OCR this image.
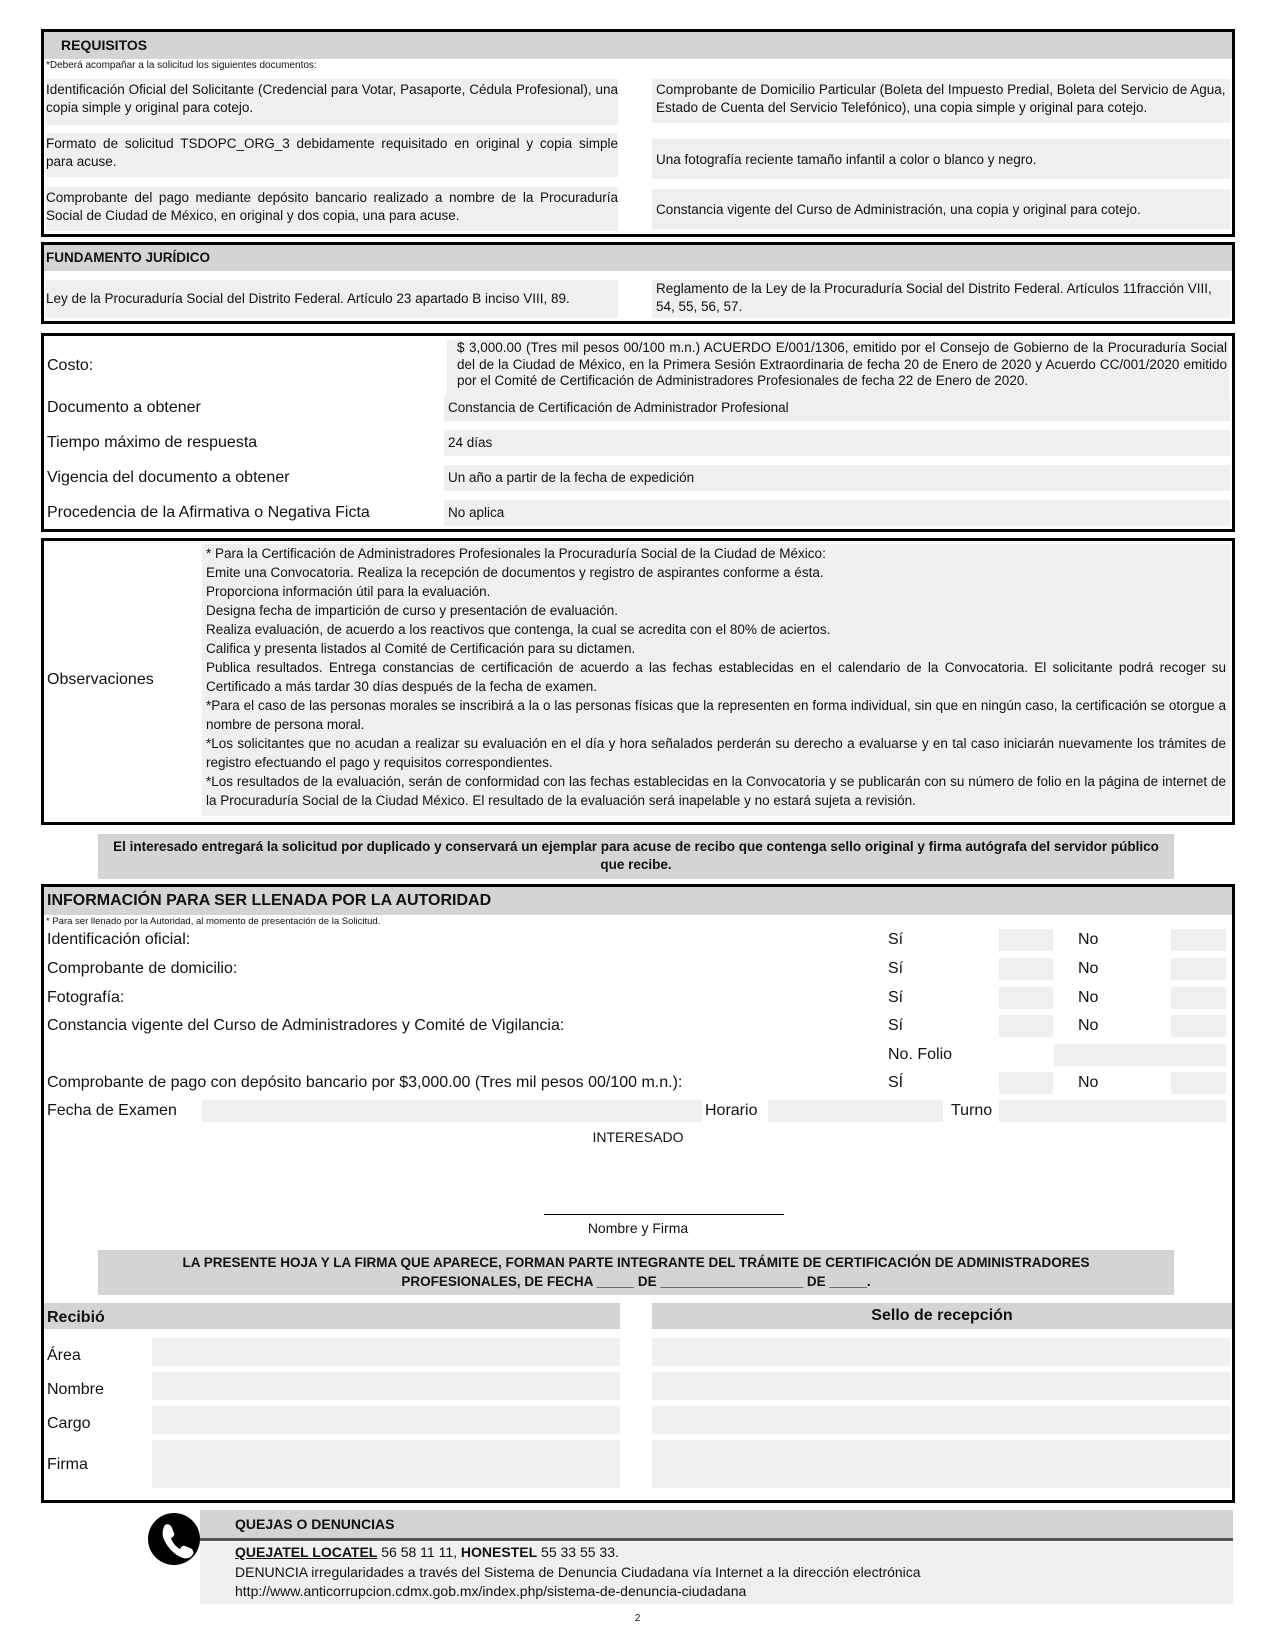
REQUISITOS
*Deberá acompañar a la solicitud los siguientes documentos:
Identificación Oficial del Solicitante (Credencial para Votar, Pasaporte, Cédula Profesional), una copia simple y original para cotejo.
Formato de solicitud TSDOPC_ORG_3 debidamente requisitado en original y copia simple para acuse.
Comprobante del pago mediante depósito bancario realizado a nombre de la Procuraduría Social de Ciudad de México, en original y dos copia, una para acuse.
Comprobante de Domicilio Particular (Boleta del Impuesto Predial, Boleta del Servicio de Agua, Estado de Cuenta del Servicio Telefónico), una copia simple y original para cotejo.
Una fotografía reciente tamaño infantil a color o blanco y negro.
Constancia vigente del Curso de Administración, una copia y original para cotejo.
FUNDAMENTO JURÍDICO
Ley de la Procuraduría Social del Distrito Federal. Artículo 23 apartado B inciso VIII, 89.
Reglamento de la Ley de la Procuraduría Social del Distrito Federal. Artículos 11fracción VIII, 54, 55, 56, 57.
Costo:
$ 3,000.00 (Tres mil pesos 00/100 m.n.) ACUERDO E/001/1306, emitido por el Consejo de Gobierno de la Procuraduría Social del de la Ciudad de México, en la Primera Sesión Extraordinaria de fecha 20 de Enero de 2020 y Acuerdo CC/001/2020 emitido por el Comité de Certificación de Administradores Profesionales de fecha 22 de Enero de 2020.
Documento a obtener	Constancia de Certificación de Administrador Profesional
Tiempo máximo de respuesta	24 días
Vigencia del documento a obtener	Un año a partir de la fecha de expedición
Procedencia de la Afirmativa o Negativa Ficta	No aplica
Observaciones
* Para la Certificación de Administradores Profesionales la Procuraduría Social de la Ciudad de México:
Emite una Convocatoria. Realiza la recepción de documentos y registro de aspirantes conforme a ésta.
Proporciona información útil para la evaluación.
Designa fecha de impartición de curso y presentación de evaluación.
Realiza evaluación, de acuerdo a los reactivos que contenga, la cual se acredita con el 80% de aciertos.
Califica y presenta listados al Comité de Certificación para su dictamen.
Publica resultados. Entrega constancias de certificación de acuerdo a las fechas establecidas en el calendario de la Convocatoria. El solicitante podrá recoger su Certificado a más tardar 30 días después de la fecha de examen.
*Para el caso de las personas morales se inscribirá a la o las personas físicas que la representen en forma individual, sin que en ningún caso, la certificación se otorgue a nombre de persona moral.
*Los solicitantes que no acudan a realizar su evaluación en el día y hora señalados perderán su derecho a evaluarse y en tal caso iniciarán nuevamente los trámites de registro efectuando el pago y requisitos correspondientes.
*Los resultados de la evaluación, serán de conformidad con las fechas establecidas en la Convocatoria y se publicarán con su número de folio en la página de internet de la Procuraduría Social de la Ciudad México. El resultado de la evaluación será inapelable y no estará sujeta a revisión.
El interesado entregará la solicitud por duplicado y conservará un ejemplar para acuse de recibo que contenga sello original y firma autógrafa del servidor público que recibe.
INFORMACIÓN PARA SER LLENADA POR LA AUTORIDAD
* Para ser llenado por la Autoridad, al momento de presentación de la Solicitud.
Identificación oficial:	Sí	No
Comprobante de domicilio:	Sí	No
Fotografía:	Sí	No
Constancia vigente del Curso de Administradores y Comité de Vigilancia:	Sí	No
No. Folio
Comprobante de pago con depósito bancario por $3,000.00 (Tres mil pesos 00/100 m.n.):	SÍ	No
Fecha de Examen	Horario	Turno
INTERESADO
Nombre y Firma
LA PRESENTE HOJA Y LA FIRMA QUE APARECE, FORMAN PARTE INTEGRANTE DEL TRÁMITE DE CERTIFICACIÓN DE ADMINISTRADORES
PROFESIONALES, DE FECHA _____ DE ___________________ DE _____.
Recibió	Sello de recepción
Área
Nombre
Cargo
Firma
QUEJAS O DENUNCIAS
QUEJATEL LOCATEL 56 58 11 11, HONESTEL 55 33 55 33.
DENUNCIA irregularidades a través del Sistema de Denuncia Ciudadana vía Internet a la dirección electrónica
http://www.anticorrupcion.cdmx.gob.mx/index.php/sistema-de-denuncia-ciudadana
2
